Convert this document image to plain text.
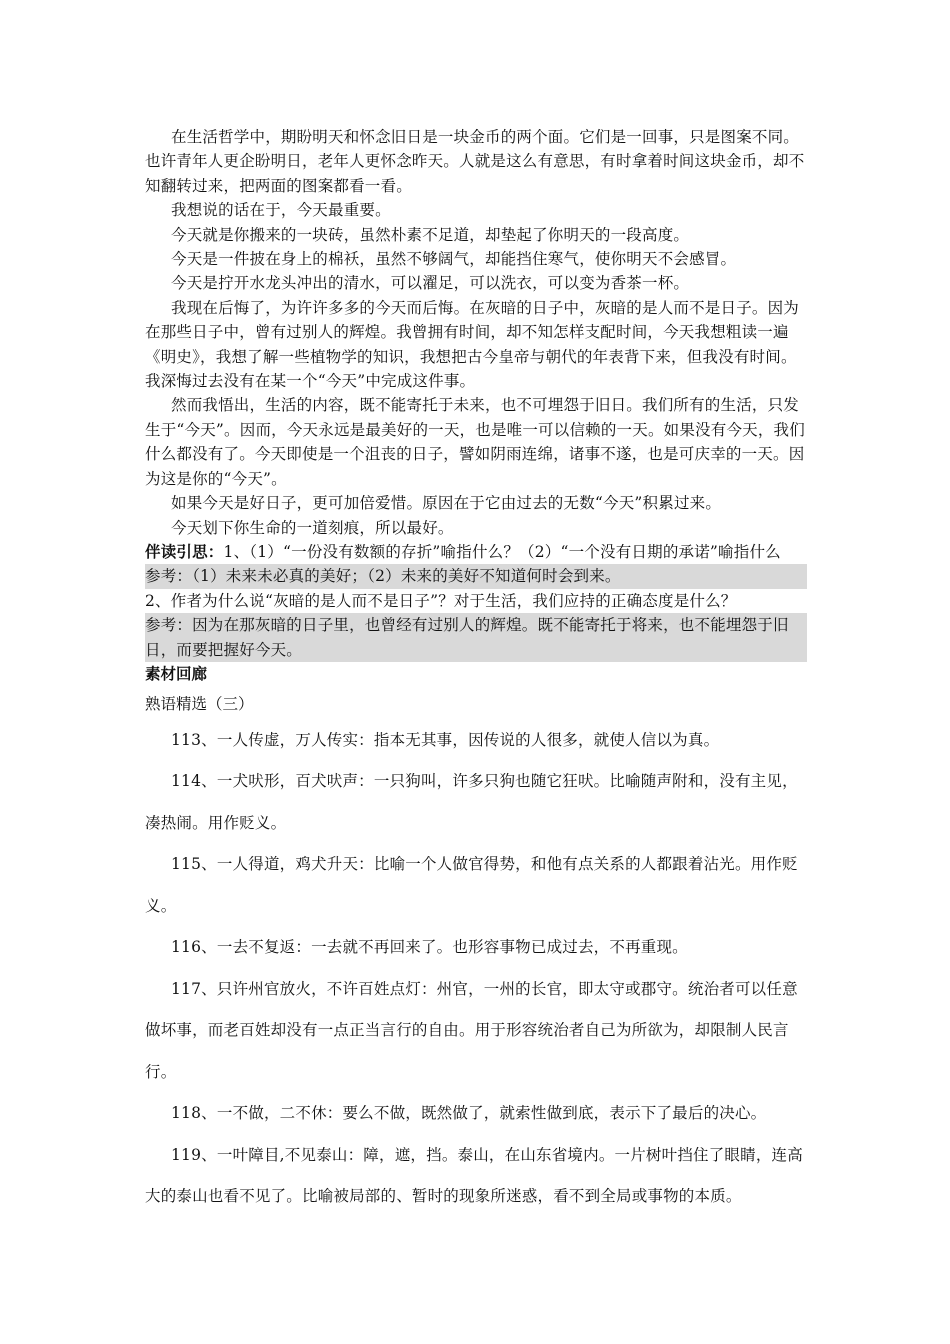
在生活哲学中，期盼明天和怀念旧日是一块金币的两个面。它们是一回事，只是图案不同。也许青年人更企盼明日，老年人更怀念昨天。人就是这么有意思，有时拿着时间这块金币，却不知翻转过来，把两面的图案都看一看。

我想说的话在于，今天最重要。

今天就是你搬来的一块砖，虽然朴素不足道，却垫起了你明天的一段高度。

今天是一件披在身上的棉袄，虽然不够阔气，却能挡住寒气，使你明天不会感冒。

今天是拧开水龙头冲出的清水，可以濯足，可以洗衣，可以变为香茶一杯。

我现在后悔了，为许许多多的今天而后悔。在灰暗的日子中，灰暗的是人而不是日子。因为在那些日子中，曾有过别人的辉煌。我曾拥有时间，却不知怎样支配时间，今天我想粗读一遍《明史》，我想了解一些植物学的知识，我想把古今皇帝与朝代的年表背下来，但我没有时间。我深悔过去没有在某一个“今天”中完成这件事。

然而我悟出，生活的内容，既不能寄托于未来，也不可埋怨于旧日。我们所有的生活，只发生于“今天”。因而，今天永远是最美好的一天，也是唯一可以信赖的一天。如果没有今天，我们什么都没有了。今天即使是一个沮丧的日子，譬如阴雨连绵，诸事不遂，也是可庆幸的一天。因为这是你的“今天”。

如果今天是好日子，更可加倍爱惜。原因在于它由过去的无数“今天”积累过来。

今天划下你生命的一道刻痕，所以最好。

伴读引思：1、（1）“一份没有数额的存折”喻指什么？（2）“一个没有日期的承诺”喻指什么

参考：（1）未来未必真的美好；（2）未来的美好不知道何时会到来。

2、作者为什么说“灰暗的是人而不是日子”？对于生活，我们应持的正确态度是什么？

参考：因为在那灰暗的日子里，也曾经有过别人的辉煌。既不能寄托于将来，也不能埋怨于旧日，而要把握好今天。

素材回廊

熟语精选（三）

113、一人传虚，万人传实：指本无其事，因传说的人很多，就使人信以为真。

114、一犬吠形，百犬吠声：一只狗叫，许多只狗也随它狂吠。比喻随声附和，没有主见，凑热闹。用作贬义。

115、一人得道，鸡犬升天：比喻一个人做官得势，和他有点关系的人都跟着沾光。用作贬义。

116、一去不复返：一去就不再回来了。也形容事物已成过去，不再重现。

117、只许州官放火，不许百姓点灯：州官，一州的长官，即太守或郡守。统治者可以任意做坏事，而老百姓却没有一点正当言行的自由。用于形容统治者自己为所欲为，却限制人民言行。

118、一不做，二不休：要么不做，既然做了，就索性做到底，表示下了最后的决心。

119、一叶障目,不见泰山：障，遮，挡。泰山，在山东省境内。一片树叶挡住了眼睛，连高大的泰山也看不见了。比喻被局部的、暂时的现象所迷惑，看不到全局或事物的本质。
